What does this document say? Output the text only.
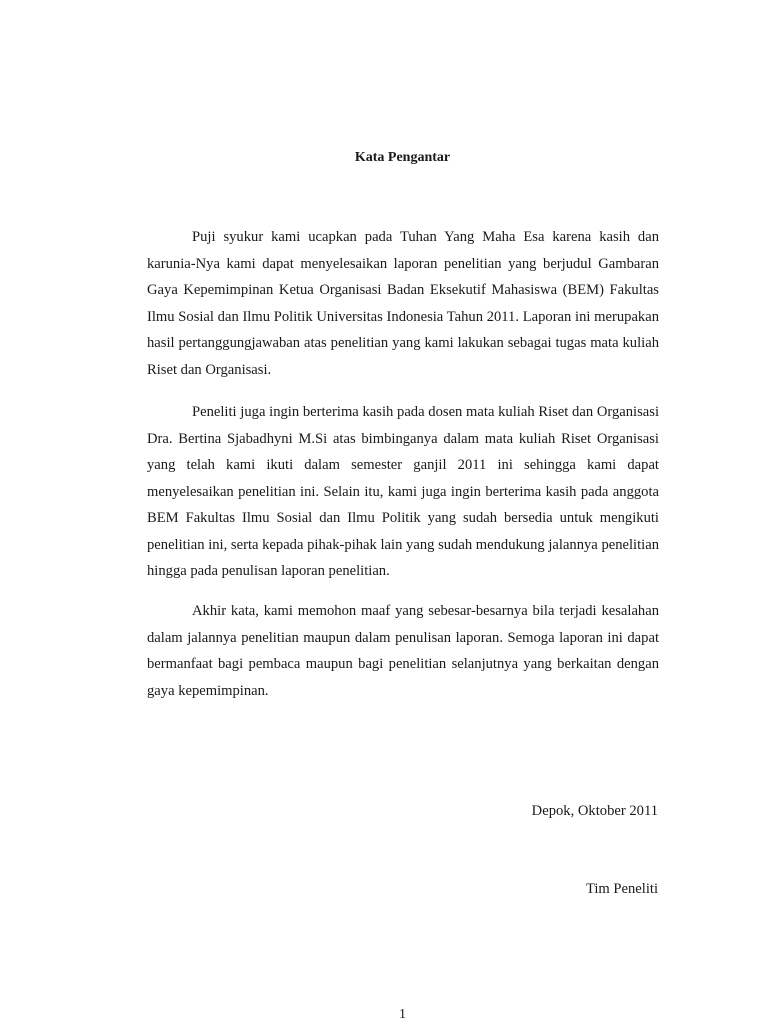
Kata Pengantar

Puji syukur kami ucapkan pada Tuhan Yang Maha Esa karena kasih dan karunia-Nya kami dapat menyelesaikan laporan penelitian yang berjudul Gambaran Gaya Kepemimpinan Ketua Organisasi Badan Eksekutif Mahasiswa (BEM) Fakultas Ilmu Sosial dan Ilmu Politik Universitas Indonesia Tahun 2011. Laporan ini merupakan hasil pertanggungjawaban atas penelitian yang kami lakukan sebagai tugas mata kuliah Riset dan Organisasi.

Peneliti juga ingin berterima kasih pada dosen mata kuliah Riset dan Organisasi Dra. Bertina Sjabadhyni M.Si atas bimbinganya dalam mata kuliah Riset Organisasi yang telah kami ikuti dalam semester ganjil 2011 ini sehingga kami dapat menyelesaikan penelitian ini. Selain itu, kami juga ingin berterima kasih pada anggota BEM Fakultas Ilmu Sosial dan Ilmu Politik yang sudah bersedia untuk mengikuti penelitian ini, serta kepada pihak-pihak lain yang sudah mendukung jalannya penelitian hingga pada penulisan laporan penelitian.

Akhir kata, kami memohon maaf yang sebesar-besarnya bila terjadi kesalahan dalam jalannya penelitian maupun dalam penulisan laporan. Semoga laporan ini dapat bermanfaat bagi pembaca maupun bagi penelitian selanjutnya yang berkaitan dengan gaya kepemimpinan.

Depok, Oktober 2011
Tim Peneliti
1
